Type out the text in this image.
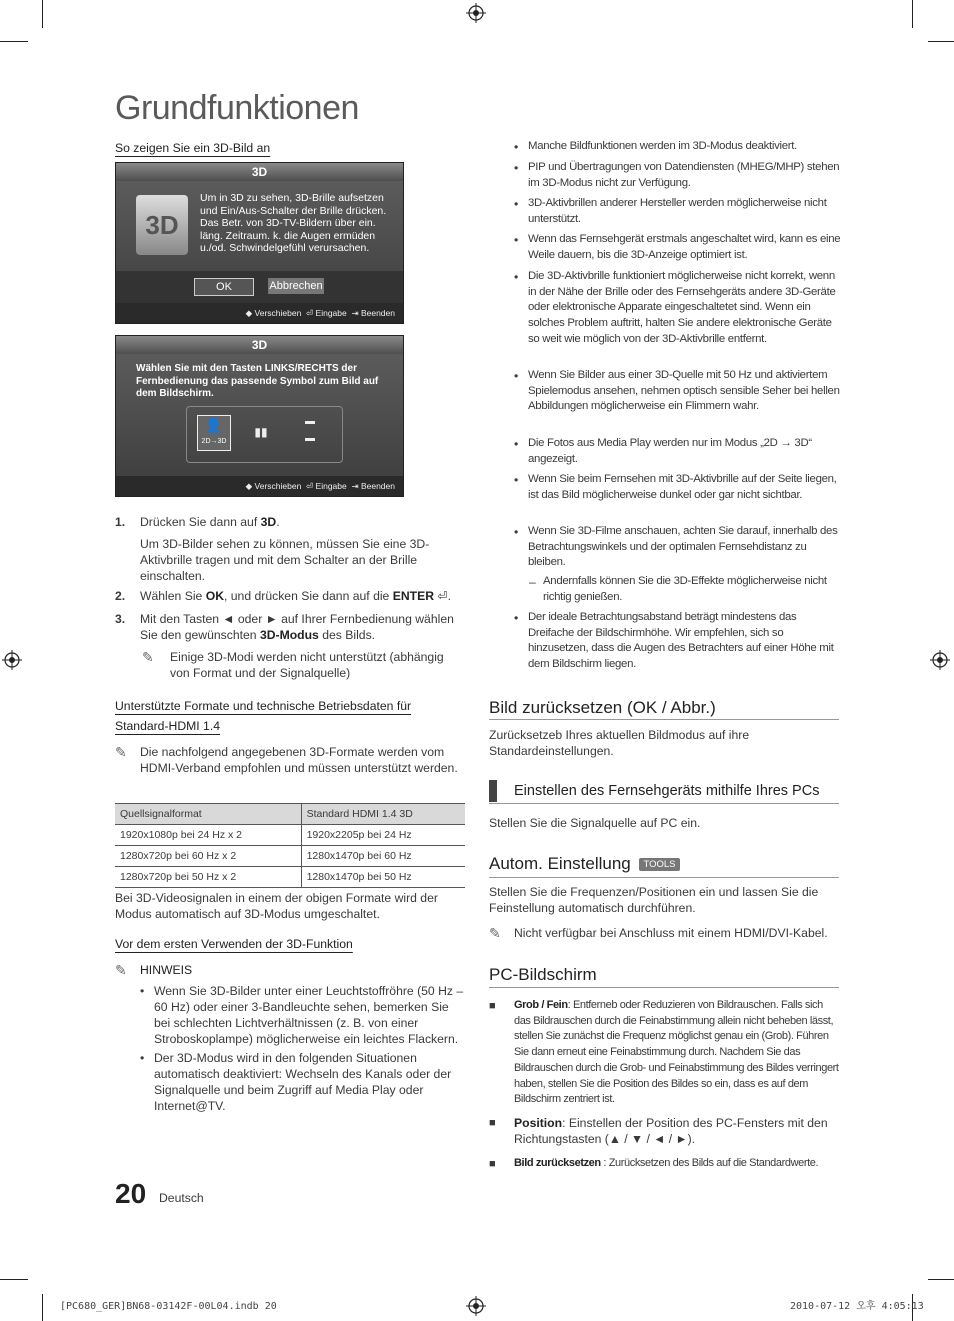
Grundfunktionen
So zeigen Sie ein 3D-Bild an
3D
3D
Um in 3D zu sehen, 3D-Brille aufsetzen und Ein/Aus-Schalter der Brille drücken. Das Betr. von 3D-TV-Bildern über ein. läng. Zeitraum. k. die Augen ermüden u./od. Schwindelgefühl verursachen.
OK	Abbrechen
◆ Verschieben  ⏎ Eingabe  ⇥ Beenden
3D
Wählen Sie mit den Tasten LINKS/RECHTS der Fernbedienung das passende Symbol zum Bild auf dem Bildschirm.
👤
2D→3D
▮▮
▬
▬
◆ Verschieben  ⏎ Eingabe  ⇥ Beenden
1. Drücken Sie dann auf 3D.
Um 3D-Bilder sehen zu können, müssen Sie eine 3D-Aktivbrille tragen und mit dem Schalter an der Brille einschalten.
2. Wählen Sie OK, und drücken Sie dann auf die ENTER ⏎.
3. Mit den Tasten ◄ oder ► auf Ihrer Fernbedienung wählen Sie den gewünschten 3D-Modus des Bilds.
✎ Einige 3D-Modi werden nicht unterstützt (abhängig von Format und der Signalquelle)
Unterstützte Formate und technische Betriebsdaten für
Standard-HDMI 1.4
✎ Die nachfolgend angegebenen 3D-Formate werden vom HDMI-Verband empfohlen und müssen unterstützt werden.
Quellsignalformat	Standard HDMI 1.4 3D
1920x1080p bei 24 Hz x 2	1920x2205p bei 24 Hz
1280x720p bei 60 Hz x 2	1280x1470p bei 60 Hz
1280x720p bei 50 Hz x 2	1280x1470p bei 50 Hz
Bei 3D-Videosignalen in einem der obigen Formate wird der Modus automatisch auf 3D-Modus umgeschaltet.
Vor dem ersten Verwenden der 3D-Funktion
✎ HINWEIS
• Wenn Sie 3D-Bilder unter einer Leuchtstoffröhre (50 Hz – 60 Hz) oder einer 3-Bandleuchte sehen, bemerken Sie bei schlechten Lichtverhältnissen (z. B. von einer Stroboskoplampe) möglicherweise ein leichtes Flackern.
• Der 3D-Modus wird in den folgenden Situationen automatisch deaktiviert: Wechseln des Kanals oder der Signalquelle und beim Zugriff auf Media Play oder Internet@TV.
20 Deutsch
• Manche Bildfunktionen werden im 3D-Modus deaktiviert.
• PIP und Übertragungen von Datendiensten (MHEG/MHP) stehen im 3D-Modus nicht zur Verfügung.
• 3D-Aktivbrillen anderer Hersteller werden möglicherweise nicht unterstützt.
• Wenn das Fernsehgerät erstmals angeschaltet wird, kann es eine Weile dauern, bis die 3D-Anzeige optimiert ist.
• Die 3D-Aktivbrille funktioniert möglicherweise nicht korrekt, wenn in der Nähe der Brille oder des Fernsehgeräts andere 3D-Geräte oder elektronische Apparate eingeschaltetet sind. Wenn ein solches Problem auftritt, halten Sie andere elektronische Geräte so weit wie möglich von der 3D-Aktivbrille entfernt.
• Wenn Sie Bilder aus einer 3D-Quelle mit 50 Hz und aktiviertem Spielemodus ansehen, nehmen optisch sensible Seher bei hellen Abbildungen möglicherweise ein Flimmern wahr.
• Die Fotos aus Media Play werden nur im Modus „2D → 3D“ angezeigt.
• Wenn Sie beim Fernsehen mit 3D-Aktivbrille auf der Seite liegen, ist das Bild möglicherweise dunkel oder gar nicht sichtbar.
• Wenn Sie 3D-Filme anschauen, achten Sie darauf, innerhalb des Betrachtungswinkels und der optimalen Fernsehdistanz zu bleiben.
– Andernfalls können Sie die 3D-Effekte möglicherweise nicht richtig genießen.
• Der ideale Betrachtungsabstand beträgt mindestens das Dreifache der Bildschirmhöhe. Wir empfehlen, sich so hinzusetzen, dass die Augen des Betrachters auf einer Höhe mit dem Bildschirm liegen.
Bild zurücksetzen (OK / Abbr.)
Zurücksetzeb Ihres aktuellen Bildmodus auf ihre Standardeinstellungen.
Einstellen des Fernsehgeräts mithilfe Ihres PCs
Stellen Sie die Signalquelle auf PC ein.
Autom. Einstellung TOOLS
Stellen Sie die Frequenzen/Positionen ein und lassen Sie die Feinstellung automatisch durchführen.
✎ Nicht verfügbar bei Anschluss mit einem HDMI/DVI-Kabel.
PC-Bildschirm
■ Grob / Fein: Entferneb oder Reduzieren von Bildrauschen. Falls sich das Bildrauschen durch die Feinabstimmung allein nicht beheben lässt, stellen Sie zunächst die Frequenz möglichst genau ein (Grob). Führen Sie dann erneut eine Feinabstimmung durch. Nachdem Sie das Bildrauschen durch die Grob- und Feinabstimmung des Bildes verringert haben, stellen Sie die Position des Bildes so ein, dass es auf dem Bildschirm zentriert ist.
■ Position: Einstellen der Position des PC-Fensters mit den Richtungstasten (▲ / ▼ / ◄ / ►).
■ Bild zurücksetzen : Zurücksetzen des Bilds auf die Standardwerte.
[PC680_GER]BN68-03142F-00L04.indb 20	2010-07-12 오후 4:05:13
